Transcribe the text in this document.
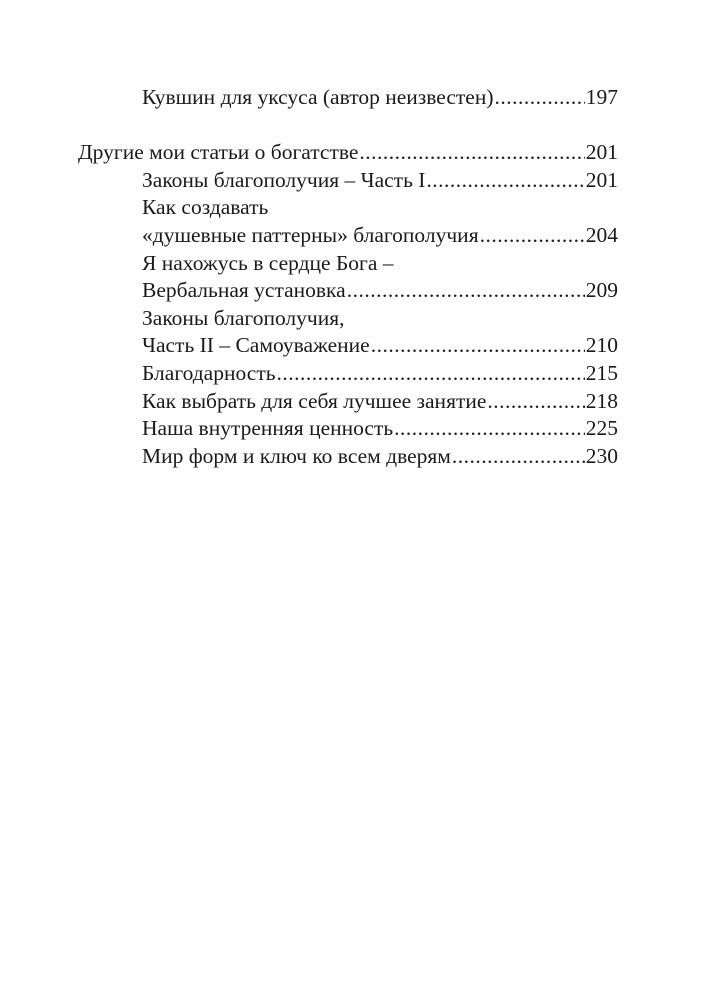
Кувшин для уксуса (автор неизвестен) .....	197
Другие мои статьи о богатстве .....	201
Законы благополучия – Часть I .....	201
Как создавать
«душевные паттерны» благополучия .....	204
Я нахожусь в сердце Бога –
Вербальная установка .....	209
Законы благополучия,
Часть II – Самоуважение .....	210
Благодарность .....	215
Как выбрать для себя лучшее занятие .....	218
Наша внутренняя ценность .....	225
Мир форм и ключ ко всем дверям .....	230
